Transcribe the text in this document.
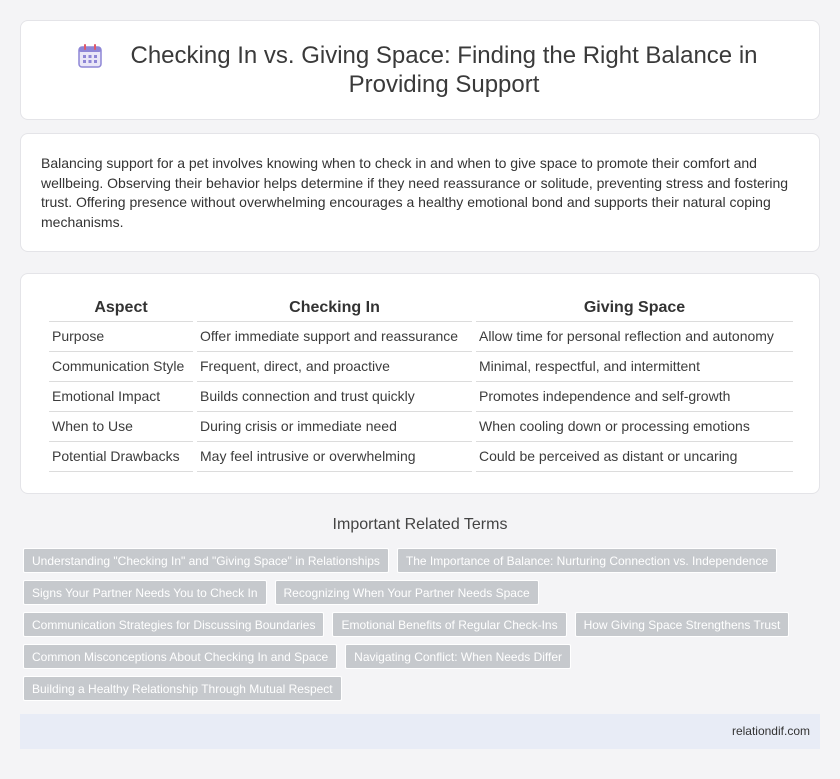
Checking In vs. Giving Space: Finding the Right Balance in Providing Support

Balancing support for a pet involves knowing when to check in and when to give space to promote their comfort and wellbeing. Observing their behavior helps determine if they need reassurance or solitude, preventing stress and fostering trust. Offering presence without overwhelming encourages a healthy emotional bond and supports their natural coping mechanisms.

Aspect	Checking In	Giving Space
Purpose	Offer immediate support and reassurance	Allow time for personal reflection and autonomy
Communication Style	Frequent, direct, and proactive	Minimal, respectful, and intermittent
Emotional Impact	Builds connection and trust quickly	Promotes independence and self-growth
When to Use	During crisis or immediate need	When cooling down or processing emotions
Potential Drawbacks	May feel intrusive or overwhelming	Could be perceived as distant or uncaring
Important Related Terms
Understanding "Checking In" and "Giving Space" in Relationships	The Importance of Balance: Nurturing Connection vs. Independence
Signs Your Partner Needs You to Check In	Recognizing When Your Partner Needs Space
Communication Strategies for Discussing Boundaries	Emotional Benefits of Regular Check-Ins	How Giving Space Strengthens Trust
Common Misconceptions About Checking In and Space	Navigating Conflict: When Needs Differ
Building a Healthy Relationship Through Mutual Respect
relationdif.com
